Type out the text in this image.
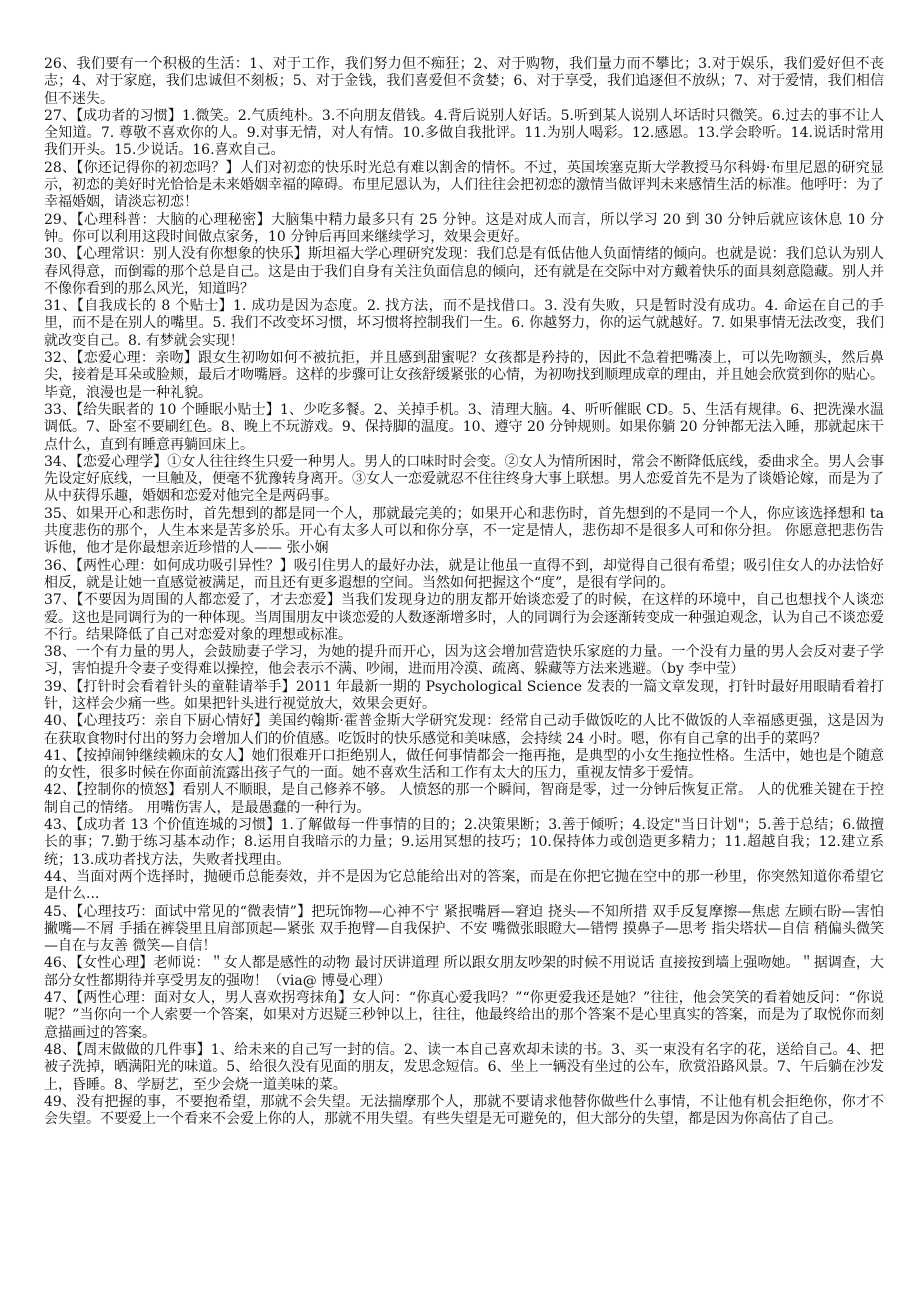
26、我们要有一个积极的生活：1、对于工作，我们努力但不痴狂；2、对于购物，我们量力而不攀比；3.对于娱乐，我们爱好但不丧志；4、对于家庭，我们忠诚但不刻板；5、对于金钱，我们喜爱但不贪婪；6、对于享受，我们追逐但不放纵；7、对于爱情，我们相信但不迷失。

27、【成功者的习惯】1.微笑。2.气质纯朴。3.不向朋友借钱。4.背后说别人好话。5.听到某人说别人坏话时只微笑。6.过去的事不让人全知道。7. 尊敬不喜欢你的人。9.对事无情，对人有情。10.多做自我批评。11.为别人喝彩。12.感恩。13.学会聆听。14.说话时常用我们开头。15.少说话。16.喜欢自己。

28、【你还记得你的初恋吗？】人们对初恋的快乐时光总有难以割舍的情怀。不过，英国埃塞克斯大学教授马尔科姆·布里尼恩的研究显示，初恋的美好时光恰恰是未来婚姻幸福的障碍。布里尼恩认为，人们往往会把初恋的激情当做评判未来感情生活的标准。他呼吁：为了幸福婚姻，请淡忘初恋！

29、【心理科普：大脑的心理秘密】大脑集中精力最多只有 25 分钟。这是对成人而言，所以学习 20 到 30 分钟后就应该休息 10 分钟。你可以利用这段时间做点家务，10 分钟后再回来继续学习，效果会更好。

30、【心理常识：别人没有你想象的快乐】斯坦福大学心理研究发现：我们总是有低估他人负面情绪的倾向。也就是说：我们总认为别人春风得意，而倒霉的那个总是自己。这是由于我们自身有关注负面信息的倾向，还有就是在交际中对方戴着快乐的面具刻意隐藏。别人并不像你看到的那么风光，知道吗？

31、【自我成长的 8 个贴士】1. 成功是因为态度。2. 找方法，而不是找借口。3. 没有失败，只是暂时没有成功。4. 命运在自己的手里，而不是在别人的嘴里。5. 我们不改变坏习惯，坏习惯将控制我们一生。6. 你越努力，你的运气就越好。7. 如果事情无法改变，我们就改变自己。8. 有梦就会实现！

32、【恋爱心理：亲吻】跟女生初吻如何不被抗拒，并且感到甜蜜呢？女孩都是矜持的，因此不急着把嘴凑上，可以先吻额头，然后鼻尖，接着是耳朵或脸颊，最后才吻嘴唇。这样的步骤可让女孩舒缓紧张的心情，为初吻找到顺理成章的理由，并且她会欣赏到你的贴心。毕竟，浪漫也是一种礼貌。

33、【给失眠者的 10 个睡眠小贴士】1、少吃多餐。2、关掉手机。3、清理大脑。4、听听催眠 CD。5、生活有规律。6、把洗澡水温调低。7、卧室不要刷红色。8、晚上不玩游戏。9、保持脚的温度。10、遵守 20 分钟规则。如果你躺 20 分钟都无法入睡，那就起床干点什么，直到有睡意再躺回床上。

34、【恋爱心理学】①女人往往终生只爱一种男人。男人的口味时时会变。②女人为情所困时，常会不断降低底线，委曲求全。男人会事先设定好底线，一旦触及，便毫不犹豫转身离开。③女人一恋爱就忍不住往终身大事上联想。男人恋爱首先不是为了谈婚论嫁，而是为了从中获得乐趣，婚姻和恋爱对他完全是两码事。

35、如果开心和悲伤时，首先想到的都是同一个人，那就最完美的；如果开心和悲伤时，首先想到的不是同一个人，你应该选择想和 ta 共度悲伤的那个，人生本来是苦多於乐。开心有太多人可以和你分享，不一定是情人，悲伤却不是很多人可和你分担。 你愿意把悲伤告诉他，他才是你最想亲近珍惜的人—— 张小娴

36、【两性心理：如何成功吸引异性？】吸引住男人的最好办法，就是让他虽一直得不到，却觉得自己很有希望；吸引住女人的办法恰好相反，就是让她一直感觉被满足，而且还有更多遐想的空间。当然如何把握这个“度”，是很有学问的。

37、【不要因为周围的人都恋爱了，才去恋爱】当我们发现身边的朋友都开始谈恋爱了的时候，在这样的环境中，自己也想找个人谈恋爱。这也是同调行为的一种体现。当周围朋友中谈恋爱的人数逐渐增多时，人的同调行为会逐渐转变成一种强迫观念，认为自己不谈恋爱不行。结果降低了自己对恋爱对象的理想或标准。

38、一个有力量的男人，会鼓励妻子学习，为她的提升而开心，因为这会增加营造快乐家庭的力量。一个没有力量的男人会反对妻子学习，害怕提升令妻子变得难以操控，他会表示不满、吵闹，进而用冷漠、疏离、躲藏等方法来逃避。（by 李中莹）

39、【打针时会看着针头的童鞋请举手】2011 年最新一期的 Psychological Science 发表的一篇文章发现，打针时最好用眼睛看着打针，这样会少痛一些。如果把针头进行视觉放大，效果会更好。

40、【心理技巧：亲自下厨心情好】美国约翰斯·霍普金斯大学研究发现：经常自己动手做饭吃的人比不做饭的人幸福感更强，这是因为在获取食物时付出的努力会增加人们的价值感。吃饭时的快乐感觉和美味感，会持续 24 小时。嗯，你有自己拿的出手的菜吗？

41、【按掉闹钟继续赖床的女人】她们很难开口拒绝别人，做任何事情都会一拖再拖，是典型的小女生拖拉性格。生活中，她也是个随意的女性，很多时候在你面前流露出孩子气的一面。她不喜欢生活和工作有太大的压力，重视友情多于爱情。

42、【控制你的愤怒】看别人不顺眼，是自己修养不够。 人愤怒的那一个瞬间，智商是零，过一分钟后恢复正常。 人的优雅关键在于控制自己的情绪。 用嘴伤害人，是最愚蠢的一种行为。

43、【成功者 13 个价值连城的习惯】1.了解做每一件事情的目的；2.决策果断；3.善于倾听；4.设定"当日计划"；5.善于总结；6.做擅长的事；7.勤于练习基本动作；8.运用自我暗示的力量；9.运用冥想的技巧；10.保持体力或创造更多精力；11.超越自我；12.建立系统；13.成功者找方法，失败者找理由。

44、当面对两个选择时，抛硬币总能奏效，并不是因为它总能给出对的答案，而是在你把它抛在空中的那一秒里，你突然知道你希望它是什么...

45、【心理技巧：面试中常见的“微表情”】把玩饰物—心神不宁 紧抿嘴唇—窘迫 挠头—不知所措 双手反复摩擦—焦虑 左顾右盼—害怕 撇嘴—不屑 手插在裤袋里且肩部顶起—紧张 双手抱臂—自我保护、不安 嘴微张眼瞪大—错愕 摸鼻子—思考 指尖塔状—自信 稍偏头微笑—自在与友善 微笑—自信！

46、【女性心理】老师说：＂女人都是感性的动物 最讨厌讲道理 所以跟女朋友吵架的时候不用说话 直接按到墙上强吻她。＂据调查，大部分女性都期待并享受男友的强吻！（via@ 博曼心理）

47、【两性心理：面对女人，男人喜欢拐弯抹角】女人问：“你真心爱我吗？”“你更爱我还是她？”往往，他会笑笑的看着她反问：“你说呢？”当你向一个人索要一个答案，如果对方迟疑三秒钟以上，往往，他最终给出的那个答案不是心里真实的答案，而是为了取悦你而刻意描画过的答案。

48、【周末做做的几件事】1、给未来的自己写一封的信。2、读一本自己喜欢却未读的书。3、买一束没有名字的花，送给自己。4、把被子洗掉，晒满阳光的味道。5、给很久没有见面的朋友，发思念短信。6、坐上一辆没有坐过的公车，欣赏沿路风景。7、午后躺在沙发上，昏睡。8、学厨艺，至少会烧一道美味的菜。

49、没有把握的事，不要抱希望，那就不会失望。无法揣摩那个人，那就不要请求他替你做些什么事情，不让他有机会拒绝你，你才不会失望。不要爱上一个看来不会爱上你的人，那就不用失望。有些失望是无可避免的，但大部分的失望，都是因为你高估了自己。
